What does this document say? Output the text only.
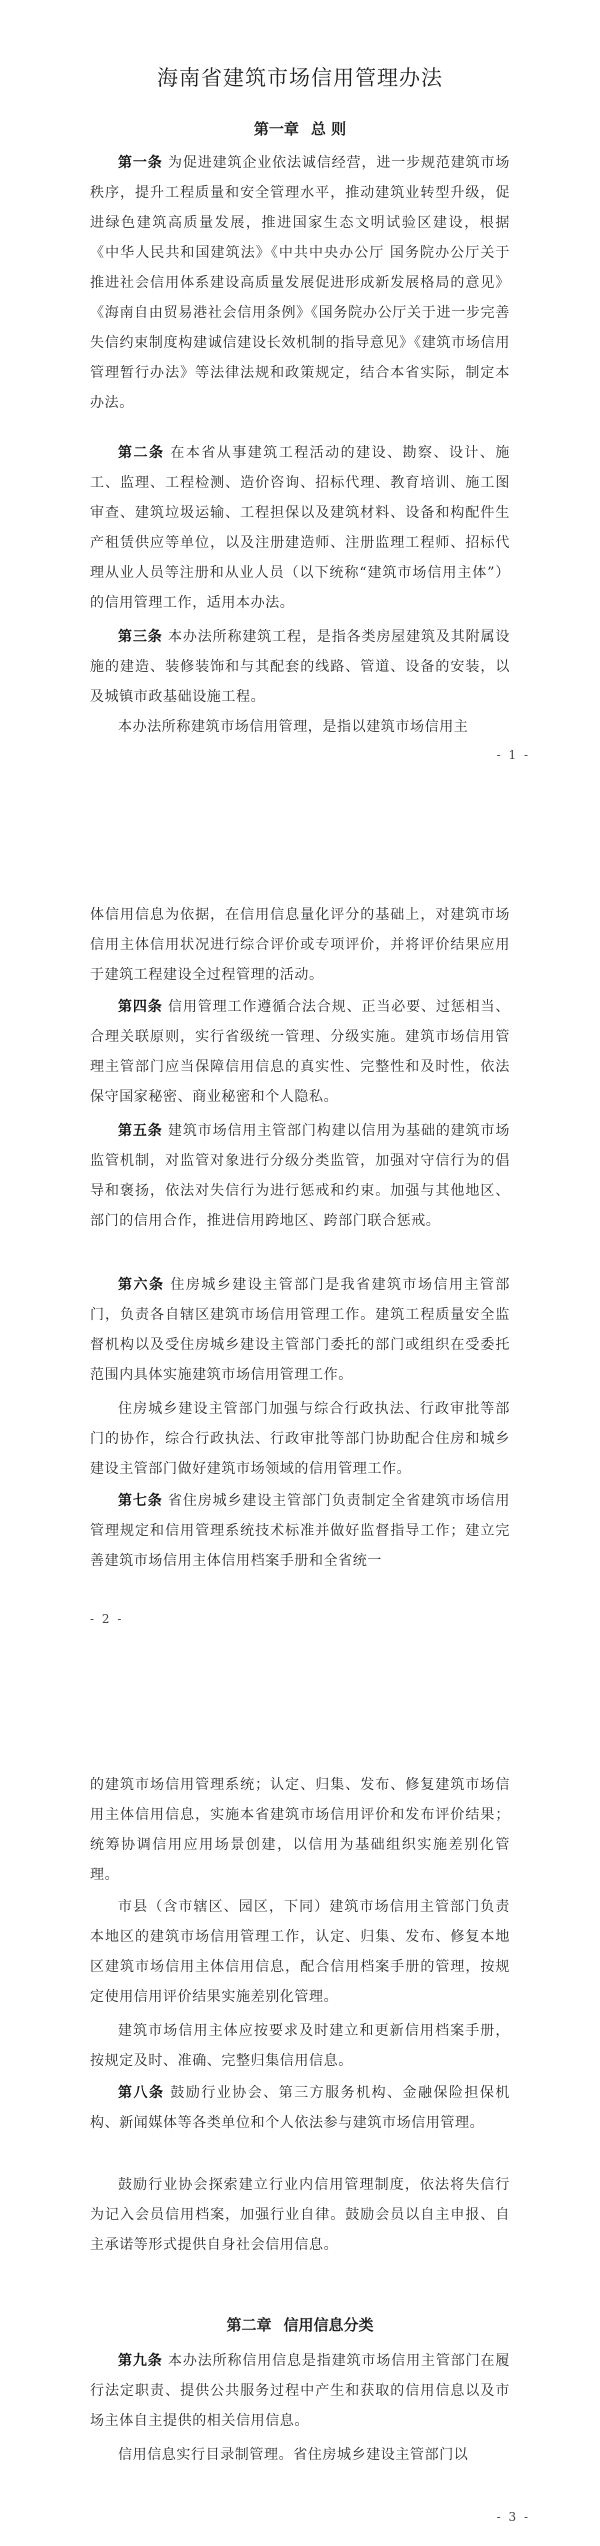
海南省建筑市场信用管理办法
第一章 总 则

第一条 为促进建筑企业依法诚信经营，进一步规范建筑市场秩序，提升工程质量和安全管理水平，推动建筑业转型升级，促进绿色建筑高质量发展，推进国家生态文明试验区建设，根据《中华人民共和国建筑法》《中共中央办公厅 国务院办公厅关于推进社会信用体系建设高质量发展促进形成新发展格局的意见》《海南自由贸易港社会信用条例》《国务院办公厅关于进一步完善失信约束制度构建诚信建设长效机制的指导意见》《建筑市场信用管理暂行办法》等法律法规和政策规定，结合本省实际，制定本办法。

第二条 在本省从事建筑工程活动的建设、勘察、设计、施工、监理、工程检测、造价咨询、招标代理、教育培训、施工图审查、建筑垃圾运输、工程担保以及建筑材料、设备和构配件生产租赁供应等单位，以及注册建造师、注册监理工程师、招标代理从业人员等注册和从业人员（以下统称“建筑市场信用主体”）的信用管理工作，适用本办法。

第三条 本办法所称建筑工程，是指各类房屋建筑及其附属设施的建造、装修装饰和与其配套的线路、管道、设备的安装，以及城镇市政基础设施工程。

本办法所称建筑市场信用管理，是指以建筑市场信用主

- 1 -

体信用信息为依据，在信用信息量化评分的基础上，对建筑市场信用主体信用状况进行综合评价或专项评价，并将评价结果应用于建筑工程建设全过程管理的活动。

第四条 信用管理工作遵循合法合规、正当必要、过惩相当、合理关联原则，实行省级统一管理、分级实施。建筑市场信用管理主管部门应当保障信用信息的真实性、完整性和及时性，依法保守国家秘密、商业秘密和个人隐私。

第五条 建筑市场信用主管部门构建以信用为基础的建筑市场监管机制，对监管对象进行分级分类监管，加强对守信行为的倡导和褒扬，依法对失信行为进行惩戒和约束。加强与其他地区、部门的信用合作，推进信用跨地区、跨部门联合惩戒。

第六条 住房城乡建设主管部门是我省建筑市场信用主管部门，负责各自辖区建筑市场信用管理工作。建筑工程质量安全监督机构以及受住房城乡建设主管部门委托的部门或组织在受委托范围内具体实施建筑市场信用管理工作。

住房城乡建设主管部门加强与综合行政执法、行政审批等部门的协作，综合行政执法、行政审批等部门协助配合住房和城乡建设主管部门做好建筑市场领域的信用管理工作。

第七条 省住房城乡建设主管部门负责制定全省建筑市场信用管理规定和信用管理系统技术标准并做好监督指导工作；建立完善建筑市场信用主体信用档案手册和全省统一

- 2 -

的建筑市场信用管理系统；认定、归集、发布、修复建筑市场信用主体信用信息，实施本省建筑市场信用评价和发布评价结果；统筹协调信用应用场景创建，以信用为基础组织实施差别化管理。

市县（含市辖区、园区，下同）建筑市场信用主管部门负责本地区的建筑市场信用管理工作，认定、归集、发布、修复本地区建筑市场信用主体信用信息，配合信用档案手册的管理，按规定使用信用评价结果实施差别化管理。

建筑市场信用主体应按要求及时建立和更新信用档案手册，按规定及时、准确、完整归集信用信息。

第八条 鼓励行业协会、第三方服务机构、金融保险担保机构、新闻媒体等各类单位和个人依法参与建筑市场信用管理。

鼓励行业协会探索建立行业内信用管理制度，依法将失信行为记入会员信用档案，加强行业自律。鼓励会员以自主申报、自主承诺等形式提供自身社会信用信息。

第二章 信用信息分类

第九条 本办法所称信用信息是指建筑市场信用主管部门在履行法定职责、提供公共服务过程中产生和获取的信用信息以及市场主体自主提供的相关信用信息。

信用信息实行目录制管理。省住房城乡建设主管部门以

- 3 -
